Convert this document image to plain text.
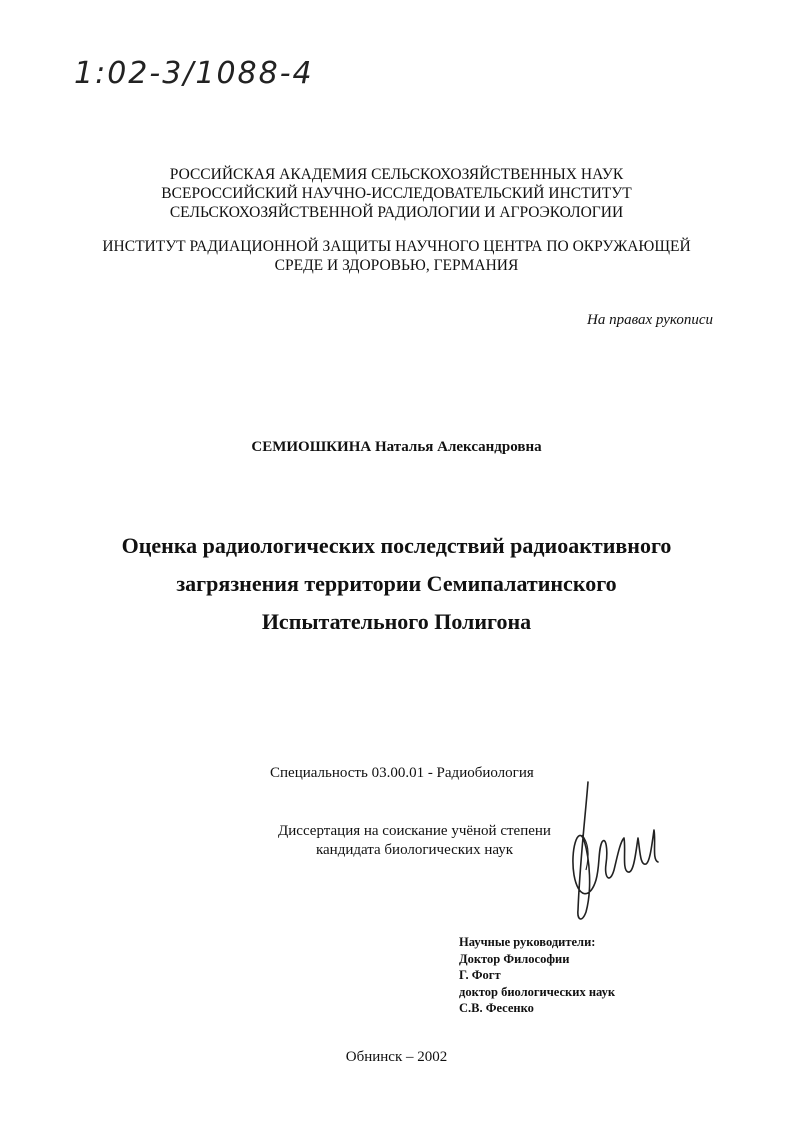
1:02-3/1088-4
РОССИЙСКАЯ АКАДЕМИЯ СЕЛЬСКОХОЗЯЙСТВЕННЫХ НАУК
ВСЕРОССИЙСКИЙ НАУЧНО-ИССЛЕДОВАТЕЛЬСКИЙ ИНСТИТУТ
СЕЛЬСКОХОЗЯЙСТВЕННОЙ РАДИОЛОГИИ И АГРОЭКОЛОГИИ
ИНСТИТУТ РАДИАЦИОННОЙ ЗАЩИТЫ НАУЧНОГО ЦЕНТРА ПО ОКРУЖАЮЩЕЙ
СРЕДЕ И ЗДОРОВЬЮ, ГЕРМАНИЯ
На правах рукописи
СЕМИОШКИНА Наталья Александровна
Оценка радиологических последствий радиоактивного
загрязнения территории Семипалатинского
Испытательного Полигона
Специальность 03.00.01 - Радиобиология
Диссертация на соискание учёной степени
кандидата биологических наук
Научные руководители:
Доктор Философии
Г. Фогт
доктор биологических наук
С.В. Фесенко
Обнинск – 2002
